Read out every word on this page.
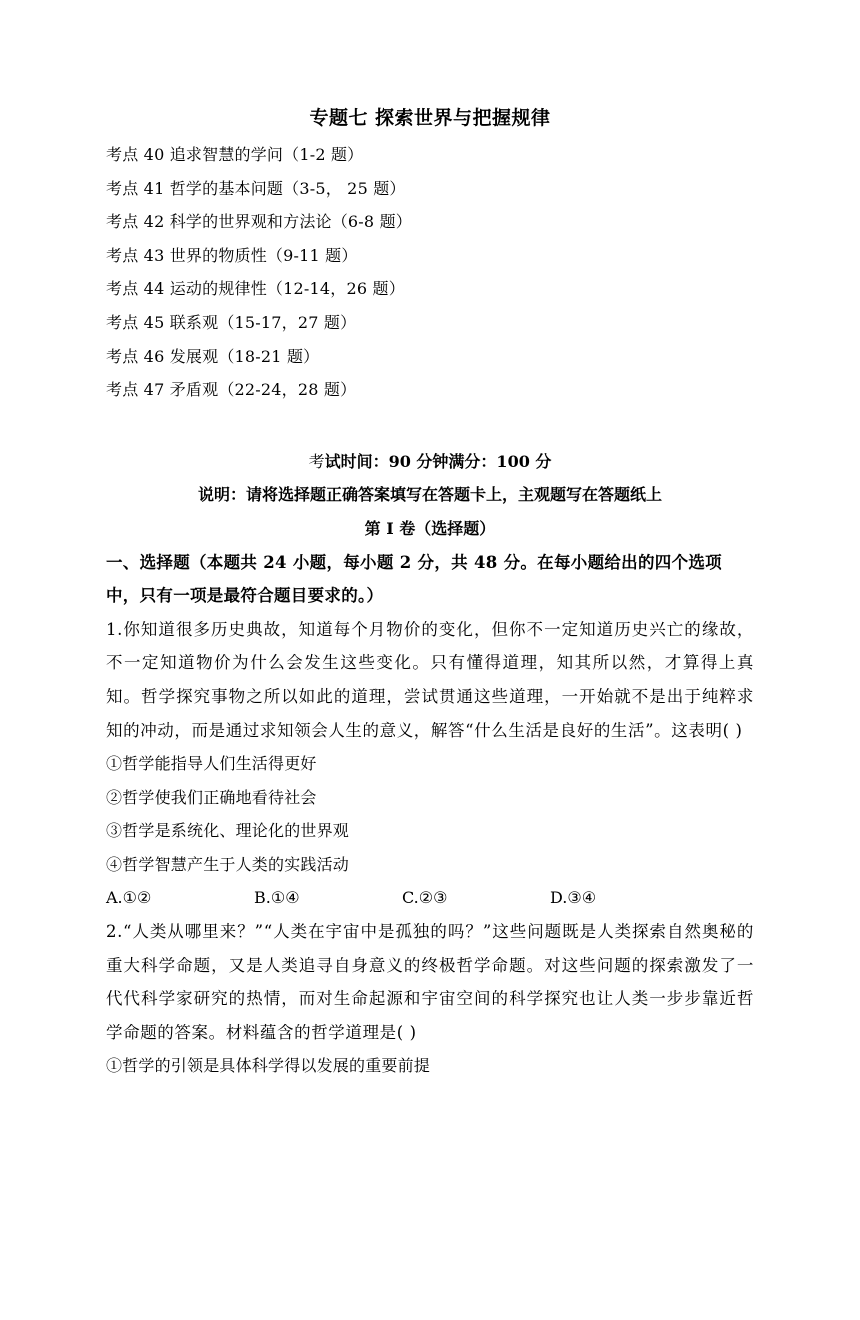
专题七 探索世界与把握规律
考点 40 追求智慧的学问（1-2 题）
考点 41 哲学的基本问题（3-5， 25 题）
考点 42 科学的世界观和方法论（6-8 题）
考点 43 世界的物质性（9-11 题）
考点 44 运动的规律性（12-14，26 题）
考点 45 联系观（15-17，27 题）
考点 46 发展观（18-21 题）
考点 47 矛盾观（22-24，28 题）
考试时间：90 分钟满分：100 分
说明：请将选择题正确答案填写在答题卡上，主观题写在答题纸上
第 I 卷（选择题）
一、选择题（本题共 24 小题，每小题 2 分，共 48 分。在每小题给出的四个选项中，只有一项是最符合题目要求的。）
1.你知道很多历史典故，知道每个月物价的变化，但你不一定知道历史兴亡的缘故，不一定知道物价为什么会发生这些变化。只有懂得道理，知其所以然，才算得上真知。哲学探究事物之所以如此的道理，尝试贯通这些道理，一开始就不是出于纯粹求知的冲动，而是通过求知领会人生的意义，解答“什么生活是良好的生活”。这表明( )
①哲学能指导人们生活得更好
②哲学使我们正确地看待社会
③哲学是系统化、理论化的世界观
④哲学智慧产生于人类的实践活动
A.①②	B.①④	C.②③	D.③④
2.“人类从哪里来？”“人类在宇宙中是孤独的吗？”这些问题既是人类探索自然奥秘的重大科学命题，又是人类追寻自身意义的终极哲学命题。对这些问题的探索激发了一代代科学家研究的热情，而对生命起源和宇宙空间的科学探究也让人类一步步靠近哲学命题的答案。材料蕴含的哲学道理是( )
①哲学的引领是具体科学得以发展的重要前提
